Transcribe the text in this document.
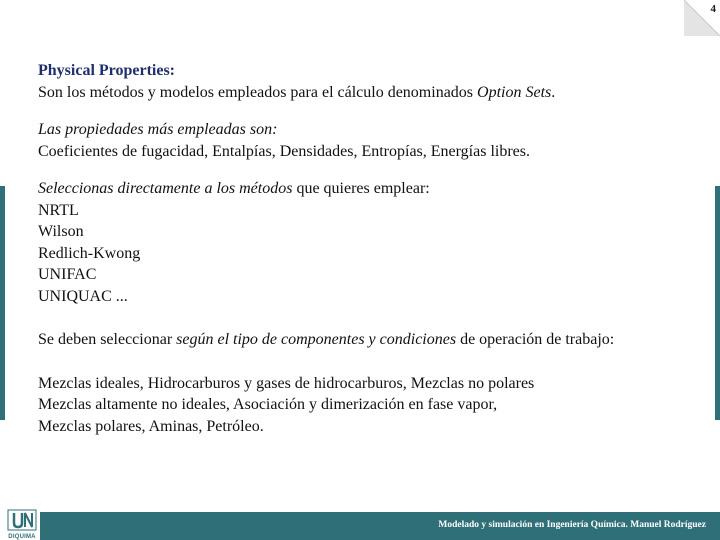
4

Physical Properties:

Son los métodos y modelos empleados para el cálculo denominados Option Sets.

Las propiedades más empleadas son:

Coeficientes de fugacidad, Entalpías, Densidades, Entropías, Energías libres.

Seleccionas directamente a los métodos que quieres emplear:

NRTL

Wilson

Redlich-Kwong

UNIFAC

UNIQUAC ...

Se deben seleccionar según el tipo de componentes y condiciones de operación de trabajo:

Mezclas ideales, Hidrocarburos y gases de hidrocarburos, Mezclas no polares

Mezclas altamente no ideales, Asociación y dimerización en fase vapor,

Mezclas polares, Aminas, Petróleo.

DIQUIMA
Modelado y simulación en Ingeniería Química. Manuel Rodríguez
